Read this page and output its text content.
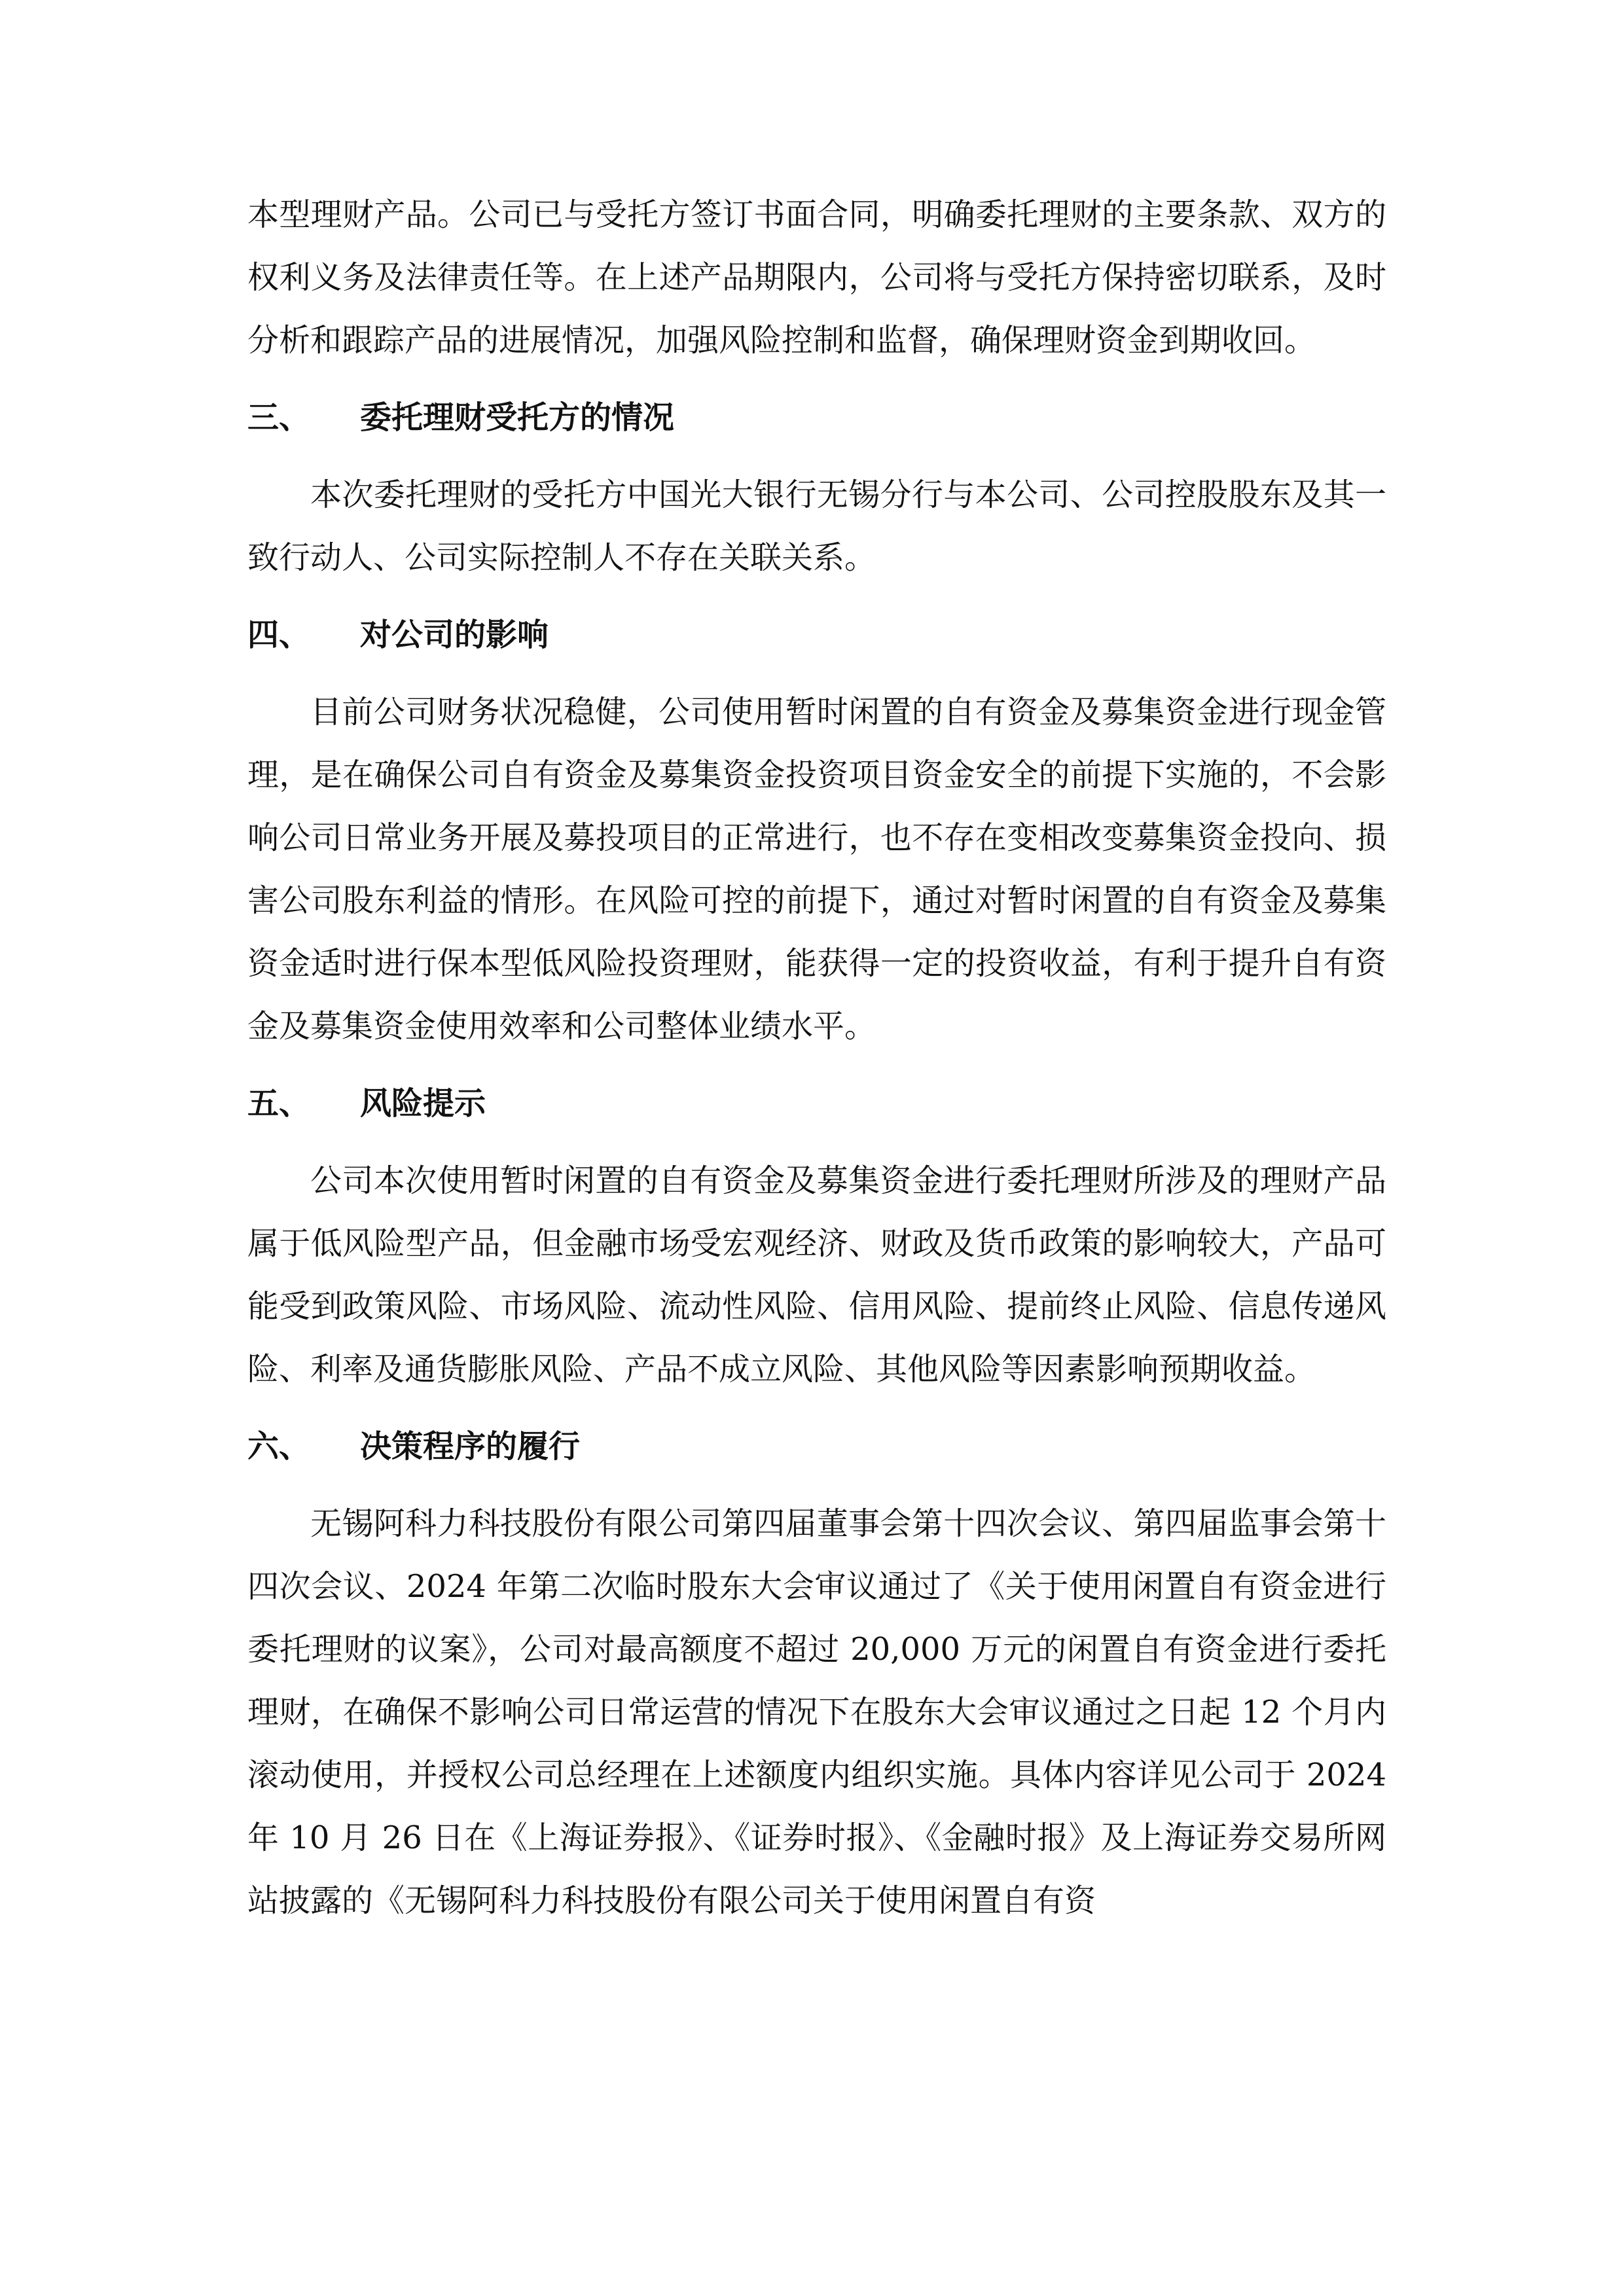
本型理财产品。公司已与受托方签订书面合同，明确委托理财的主要条款、双方的权利义务及法律责任等。在上述产品期限内，公司将与受托方保持密切联系，及时分析和跟踪产品的进展情况，加强风险控制和监督，确保理财资金到期收回。

三、	委托理财受托方的情况

本次委托理财的受托方中国光大银行无锡分行与本公司、公司控股股东及其一致行动人、公司实际控制人不存在关联关系。

四、	对公司的影响

目前公司财务状况稳健，公司使用暂时闲置的自有资金及募集资金进行现金管理，是在确保公司自有资金及募集资金投资项目资金安全的前提下实施的，不会影响公司日常业务开展及募投项目的正常进行，也不存在变相改变募集资金投向、损害公司股东利益的情形。在风险可控的前提下，通过对暂时闲置的自有资金及募集资金适时进行保本型低风险投资理财，能获得一定的投资收益，有利于提升自有资金及募集资金使用效率和公司整体业绩水平。

五、	风险提示

公司本次使用暂时闲置的自有资金及募集资金进行委托理财所涉及的理财产品属于低风险型产品，但金融市场受宏观经济、财政及货币政策的影响较大，产品可能受到政策风险、市场风险、流动性风险、信用风险、提前终止风险、信息传递风险、利率及通货膨胀风险、产品不成立风险、其他风险等因素影响预期收益。

六、	决策程序的履行

无锡阿科力科技股份有限公司第四届董事会第十四次会议、第四届监事会第十四次会议、2024 年第二次临时股东大会审议通过了《关于使用闲置自有资金进行委托理财的议案》，公司对最高额度不超过 20,000 万元的闲置自有资金进行委托理财，在确保不影响公司日常运营的情况下在股东大会审议通过之日起 12 个月内滚动使用，并授权公司总经理在上述额度内组织实施。具体内容详见公司于 2024 年 10 月 26 日在《上海证券报》、《证券时报》、《金融时报》及上海证券交易所网站披露的《无锡阿科力科技股份有限公司关于使用闲置自有资
